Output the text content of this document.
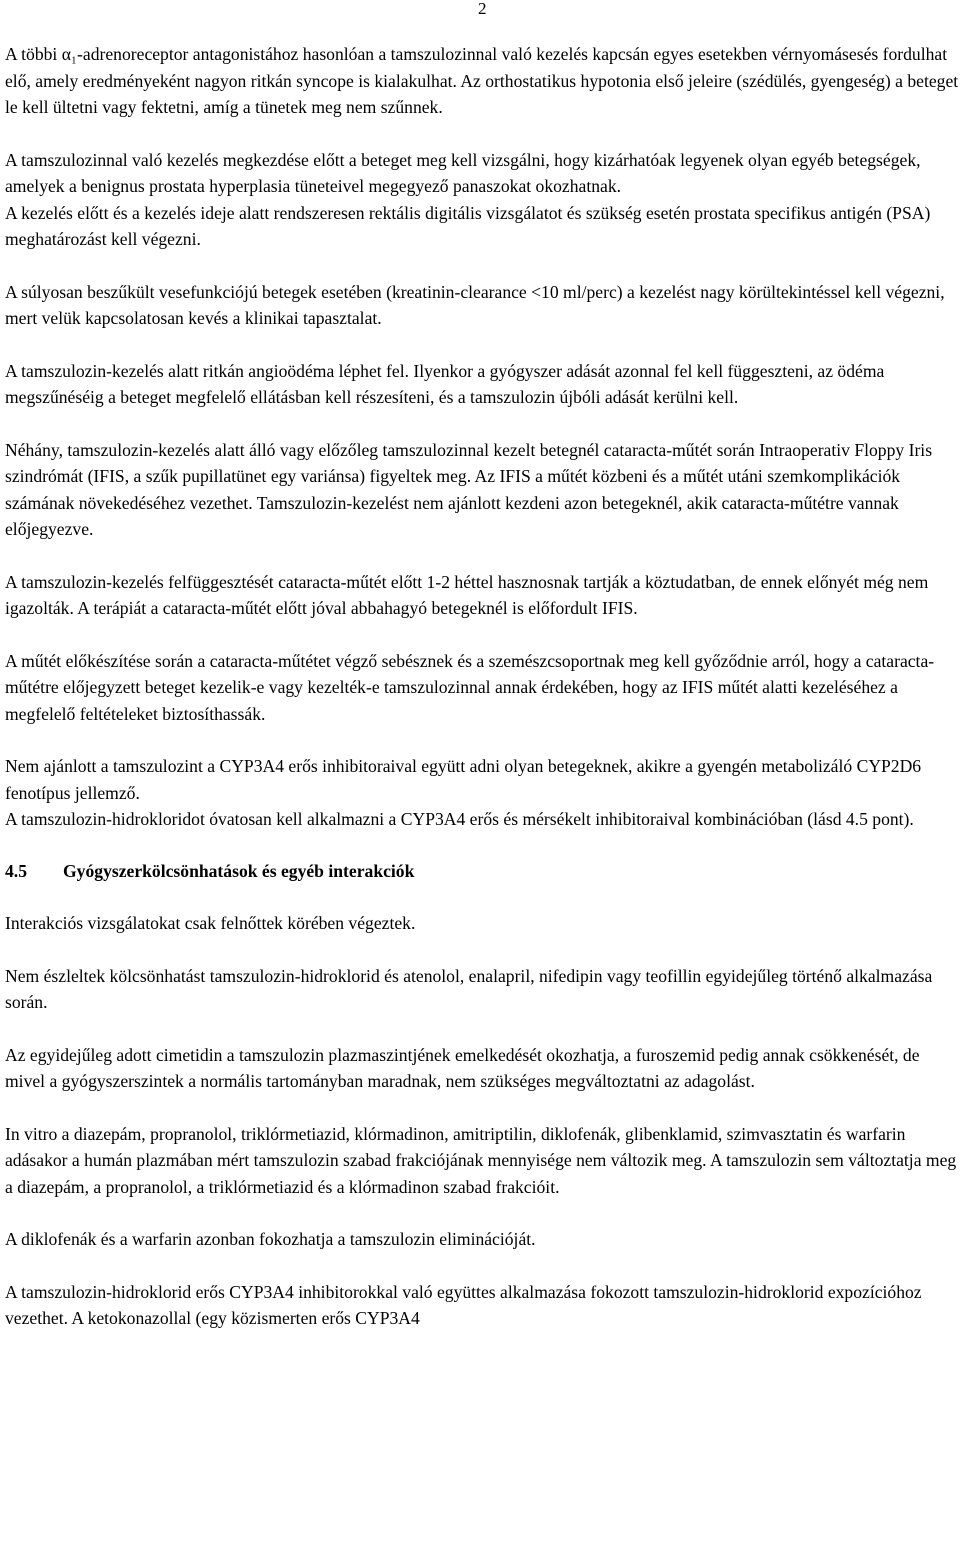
2

A többi α₁-adrenoreceptor antagonistához hasonlóan a tamszulozinnal való kezelés kapcsán egyes esetekben vérnyomásesés fordulhat elő, amely eredményeként nagyon ritkán syncope is kialakulhat. Az orthostatikus hypotonia első jeleire (szédülés, gyengeség) a beteget le kell ültetni vagy fektetni, amíg a tünetek meg nem szűnnek.

A tamszulozinnal való kezelés megkezdése előtt a beteget meg kell vizsgálni, hogy kizárhatóak legyenek olyan egyéb betegségek, amelyek a benignus prostata hyperplasia tüneteivel megegyező panaszokat okozhatnak.

A kezelés előtt és a kezelés ideje alatt rendszeresen rektális digitális vizsgálatot és szükség esetén prostata specifikus antigén (PSA) meghatározást kell végezni.

A súlyosan beszűkült vesefunkciójú betegek esetében (kreatinin-clearance <10 ml/perc) a kezelést nagy körültekintéssel kell végezni, mert velük kapcsolatosan kevés a klinikai tapasztalat.

A tamszulozin-kezelés alatt ritkán angioödéma léphet fel. Ilyenkor a gyógyszer adását azonnal fel kell függeszteni, az ödéma megszűnéséig a beteget megfelelő ellátásban kell részesíteni, és a tamszulozin újbóli adását kerülni kell.

Néhány, tamszulozin-kezelés alatt álló vagy előzőleg tamszulozinnal kezelt betegnél cataracta-műtét során Intraoperativ Floppy Iris szindrómát (IFIS, a szűk pupillatünet egy variánsa) figyeltek meg. Az IFIS a műtét közbeni és a műtét utáni szemkomplikációk számának növekedéséhez vezethet. Tamszulozin-kezelést nem ajánlott kezdeni azon betegeknél, akik cataracta-műtétre vannak előjegyezve.

A tamszulozin-kezelés felfüggesztését cataracta-műtét előtt 1-2 héttel hasznosnak tartják a köztudatban, de ennek előnyét még nem igazolták. A terápiát a cataracta-műtét előtt jóval abbahagyó betegeknél is előfordult IFIS.

A műtét előkészítése során a cataracta-műtétet végző sebésznek és a szemészcsoportnak meg kell győződnie arról, hogy a cataracta-műtétre előjegyzett beteget kezelik-e vagy kezelték-e tamszulozinnal annak érdekében, hogy az IFIS műtét alatti kezeléséhez a megfelelő feltételeket biztosíthassák.

Nem ajánlott a tamszulozint a CYP3A4 erős inhibitoraival együtt adni olyan betegeknek, akikre a gyengén metabolizáló CYP2D6 fenotípus jellemző.

A tamszulozin-hidrokloridot óvatosan kell alkalmazni a CYP3A4 erős és mérsékelt inhibitoraival kombinációban (lásd 4.5 pont).

4.5 Gyógyszerkölcsönhatások és egyéb interakciók

Interakciós vizsgálatokat csak felnőttek körében végeztek.

Nem észleltek kölcsönhatást tamszulozin-hidroklorid és atenolol, enalapril, nifedipin vagy teofillin egyidejűleg történő alkalmazása során.

Az egyidejűleg adott cimetidin a tamszulozin plazmaszintjének emelkedését okozhatja, a furoszemid pedig annak csökkenését, de mivel a gyógyszerszintek a normális tartományban maradnak, nem szükséges megváltoztatni az adagolást.

In vitro a diazepám, propranolol, triklórmetiazid, klórmadinon, amitriptilin, diklofenák, glibenklamid, szimvasztatin és warfarin adásakor a humán plazmában mért tamszulozin szabad frakciójának mennyisége nem változik meg. A tamszulozin sem változtatja meg a diazepám, a propranolol, a triklórmetiazid és a klórmadinon szabad frakcióit.

A diklofenák és a warfarin azonban fokozhatja a tamszulozin eliminációját.

A tamszulozin-hidroklorid erős CYP3A4 inhibitorokkal való együttes alkalmazása fokozott tamszulozin-hidroklorid expozícióhoz vezethet. A ketokonazollal (egy közismerten erős CYP3A4
